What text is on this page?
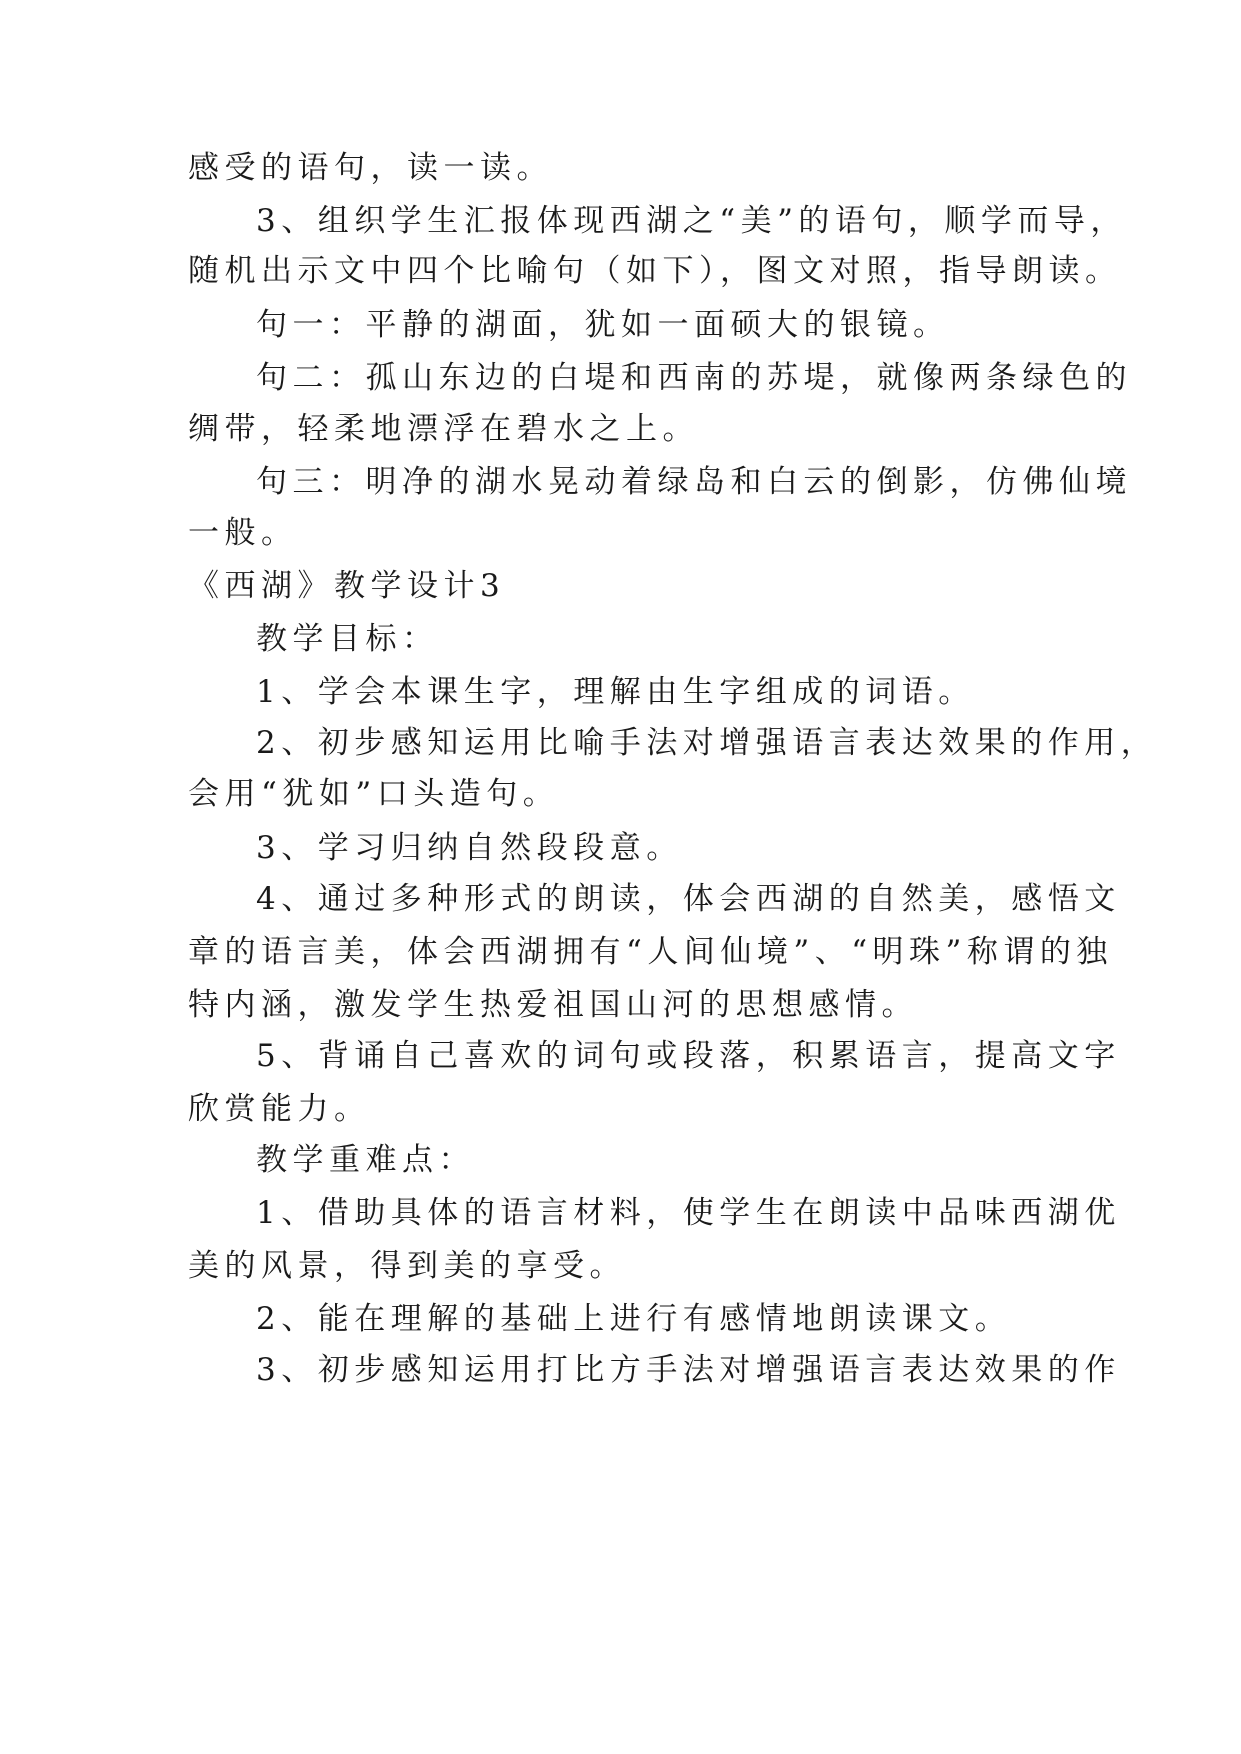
感受的语句，读一读。
3、组织学生汇报体现西湖之“美”的语句，顺学而导，
随机出示文中四个比喻句（如下），图文对照，指导朗读。
句一：平静的湖面，犹如一面硕大的银镜。
句二：孤山东边的白堤和西南的苏堤，就像两条绿色的
绸带，轻柔地漂浮在碧水之上。
句三：明净的湖水晃动着绿岛和白云的倒影，仿佛仙境
一般。
《西湖》教学设计3
教学目标：
1、学会本课生字，理解由生字组成的词语。
2、初步感知运用比喻手法对增强语言表达效果的作用，
会用“犹如”口头造句。
3、学习归纳自然段段意。
4、通过多种形式的朗读，体会西湖的自然美，感悟文
章的语言美，体会西湖拥有“人间仙境”、“明珠”称谓的独
特内涵，激发学生热爱祖国山河的思想感情。
5、背诵自己喜欢的词句或段落，积累语言，提高文字
欣赏能力。
教学重难点：
1、借助具体的语言材料，使学生在朗读中品味西湖优
美的风景，得到美的享受。
2、能在理解的基础上进行有感情地朗读课文。
3、初步感知运用打比方手法对增强语言表达效果的作
